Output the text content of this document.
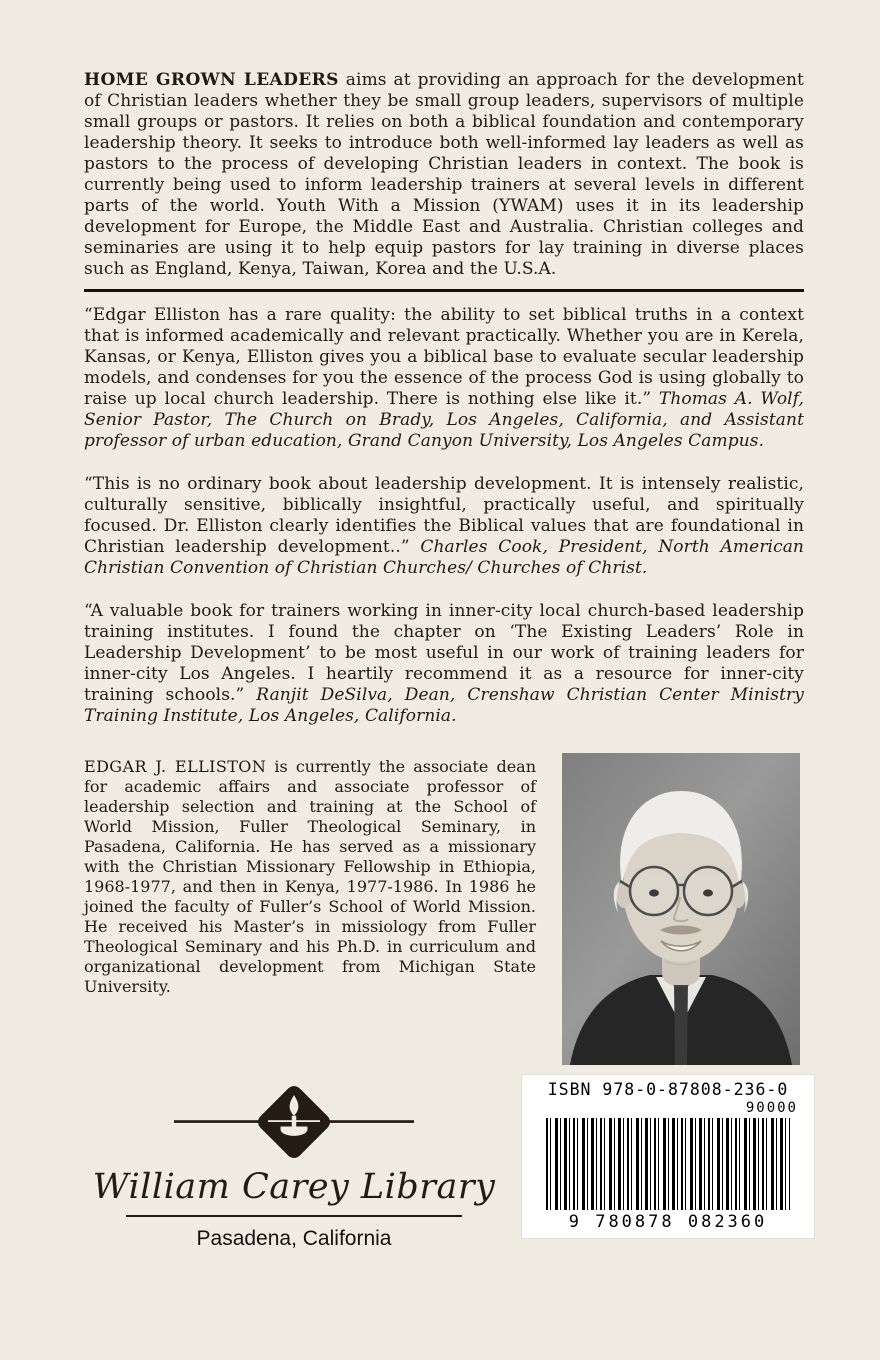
HOME GROWN LEADERS aims at providing an approach for the development of Christian leaders whether they be small group leaders, supervisors of multiple small groups or pastors. It relies on both a biblical foundation and contemporary leadership theory. It seeks to introduce both well-informed lay leaders as well as pastors to the process of developing Christian leaders in context. The book is currently being used to inform leadership trainers at several levels in different parts of the world. Youth With a Mission (YWAM) uses it in its leadership development for Europe, the Middle East and Australia. Christian colleges and seminaries are using it to help equip pastors for lay training in diverse places such as England, Kenya, Taiwan, Korea and the U.S.A.

“Edgar Elliston has a rare quality: the ability to set biblical truths in a context that is informed academically and relevant practically. Whether you are in Kerela, Kansas, or Kenya, Elliston gives you a biblical base to evaluate secular leadership models, and condenses for you the essence of the process God is using globally to raise up local church leadership. There is nothing else like it.” Thomas A. Wolf, Senior Pastor, The Church on Brady, Los Angeles, California, and Assistant professor of urban education, Grand Canyon University, Los Angeles Campus.

“This is no ordinary book about leadership development. It is intensely realistic, culturally sensitive, biblically insightful, practically useful, and spiritually focused. Dr. Elliston clearly identifies the Biblical values that are foundational in Christian leadership development..” Charles Cook, President, North American Christian Convention of Christian Churches/ Churches of Christ.

“A valuable book for trainers working in inner-city local church-based leadership training institutes. I found the chapter on ‘The Existing Leaders’ Role in Leadership Development’ to be most useful in our work of training leaders for inner-city Los Angeles. I heartily recommend it as a resource for inner-city training schools.” Ranjit DeSilva, Dean, Crenshaw Christian Center Ministry Training Institute, Los Angeles, California.

EDGAR J. ELLISTON is currently the associate dean for academic affairs and associate professor of leadership selection and training at the School of World Mission, Fuller Theological Seminary, in Pasadena, California. He has served as a missionary with the Christian Missionary Fellowship in Ethiopia, 1968-1977, and then in Kenya, 1977-1986. In 1986 he joined the faculty of Fuller’s School of World Mission. He received his Master’s in missiology from Fuller Theological Seminary and his Ph.D. in curriculum and organizational development from Michigan State University.

William Carey Library
Pasadena, California
ISBN 978-0-87808-236-0
90000
9 780878 082360
